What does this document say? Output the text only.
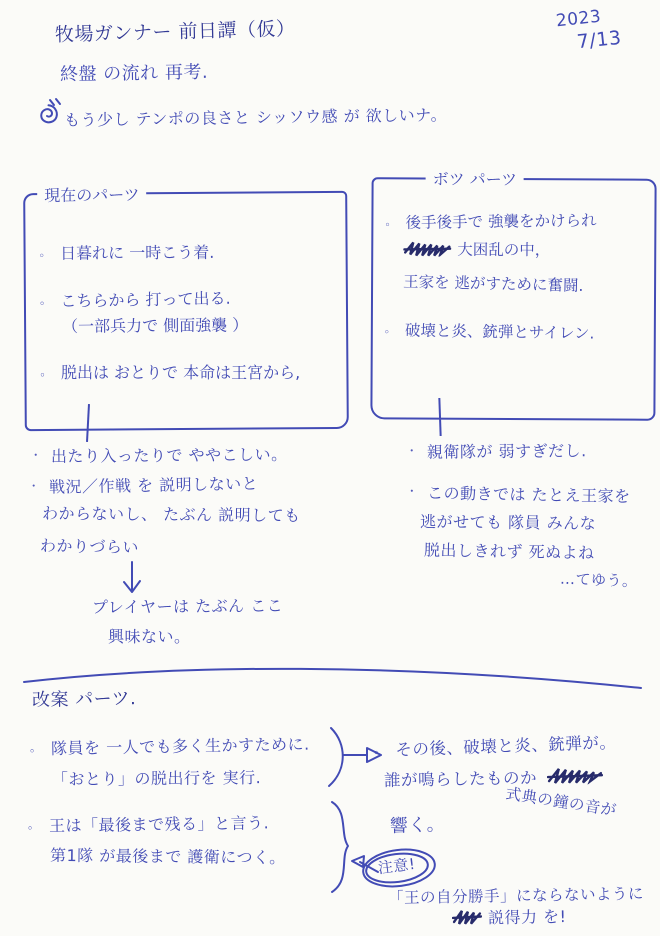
牧場ガンナー 前日譚（仮）	2023
7/13
終盤 の流れ 再考.
もう少し テンポの良さと シッソウ感 が 欲しいナ。
現在のパーツ
。 日暮れに 一時こう着.
。 こちらから 打って出る.
（一部兵力で 側面強襲 ）
。 脱出は おとりで 本命は王宮から,
ボツ パーツ
。 後手後手で 強襲をかけられ
大困乱の中，
王家を 逃がすために奮闘.
。 破壊と炎、銃弾とサイレン.
・ 出たり入ったりで ややこしい。
・ 戦況／作戦 を 説明しないと
わからないし、 たぶん 説明しても
わかりづらい
プレイヤーは たぶん ここ
興味ない。
・ 親衛隊が 弱すぎだし.
・ この動きでは たとえ王家を
逃がせても 隊員 みんな
脱出しきれず 死ぬよね
…てゆう。
改案 パーツ.
。 隊員を 一人でも多く生かすために.
「おとり」の脱出行を 実行.
。 王は「最後まで残る」と言う.
第1隊 が最後まで 護衛につく。
。 その後、破壊と炎、銃弾が。
誰が鳴らしたものか
式典の鐘の音が
響く。
注意!
「王の自分勝手」にならないように
説得力 を!
